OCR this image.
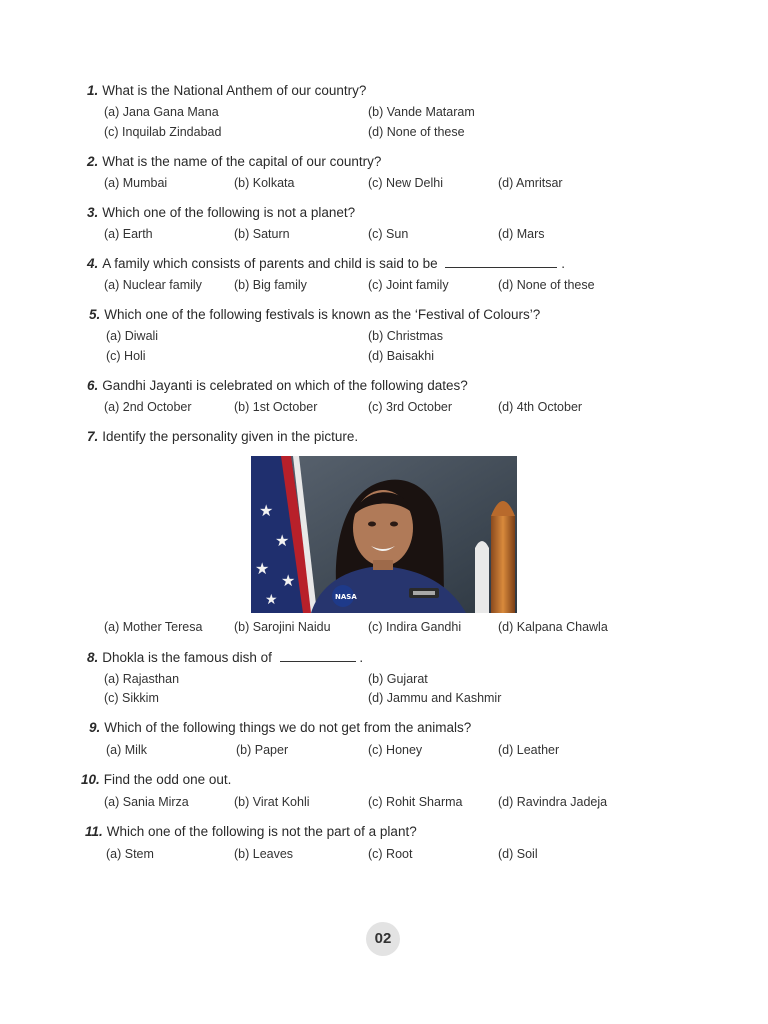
1. What is the National Anthem of our country?
(a) Jana Gana Mana	(b) Vande Mataram
(c) Inquilab Zindabad	(d) None of these
2. What is the name of the capital of our country?
(a) Mumbai	(b) Kolkata	(c) New Delhi	(d) Amritsar
3. Which one of the following is not a planet?
(a) Earth	(b) Saturn	(c) Sun	(d) Mars
4. A family which consists of parents and child is said to be	.
(a) Nuclear family	(b) Big family	(c) Joint family	(d) None of these
5. Which one of the following festivals is known as the ‘Festival of Colours’?
(a) Diwali	(b) Christmas
(c) Holi	(d) Baisakhi
6. Gandhi Jayanti is celebrated on which of the following dates?
(a) 2nd October	(b) 1st October	(c) 3rd October	(d) 4th October
7. Identify the personality given in the picture.
★
★
★
★
★	NASA
(a) Mother Teresa	(b) Sarojini Naidu	(c) Indira Gandhi	(d) Kalpana Chawla
8. Dhokla is the famous dish of	.
(a) Rajasthan	(b) Gujarat
(c) Sikkim	(d) Jammu and Kashmir
9. Which of the following things we do not get from the animals?
(a) Milk	(b) Paper	(c) Honey	(d) Leather
10. Find the odd one out.
(a) Sania Mirza	(b) Virat Kohli	(c) Rohit Sharma	(d) Ravindra Jadeja
11. Which one of the following is not the part of a plant?
(a) Stem	(b) Leaves	(c) Root	(d) Soil
02
